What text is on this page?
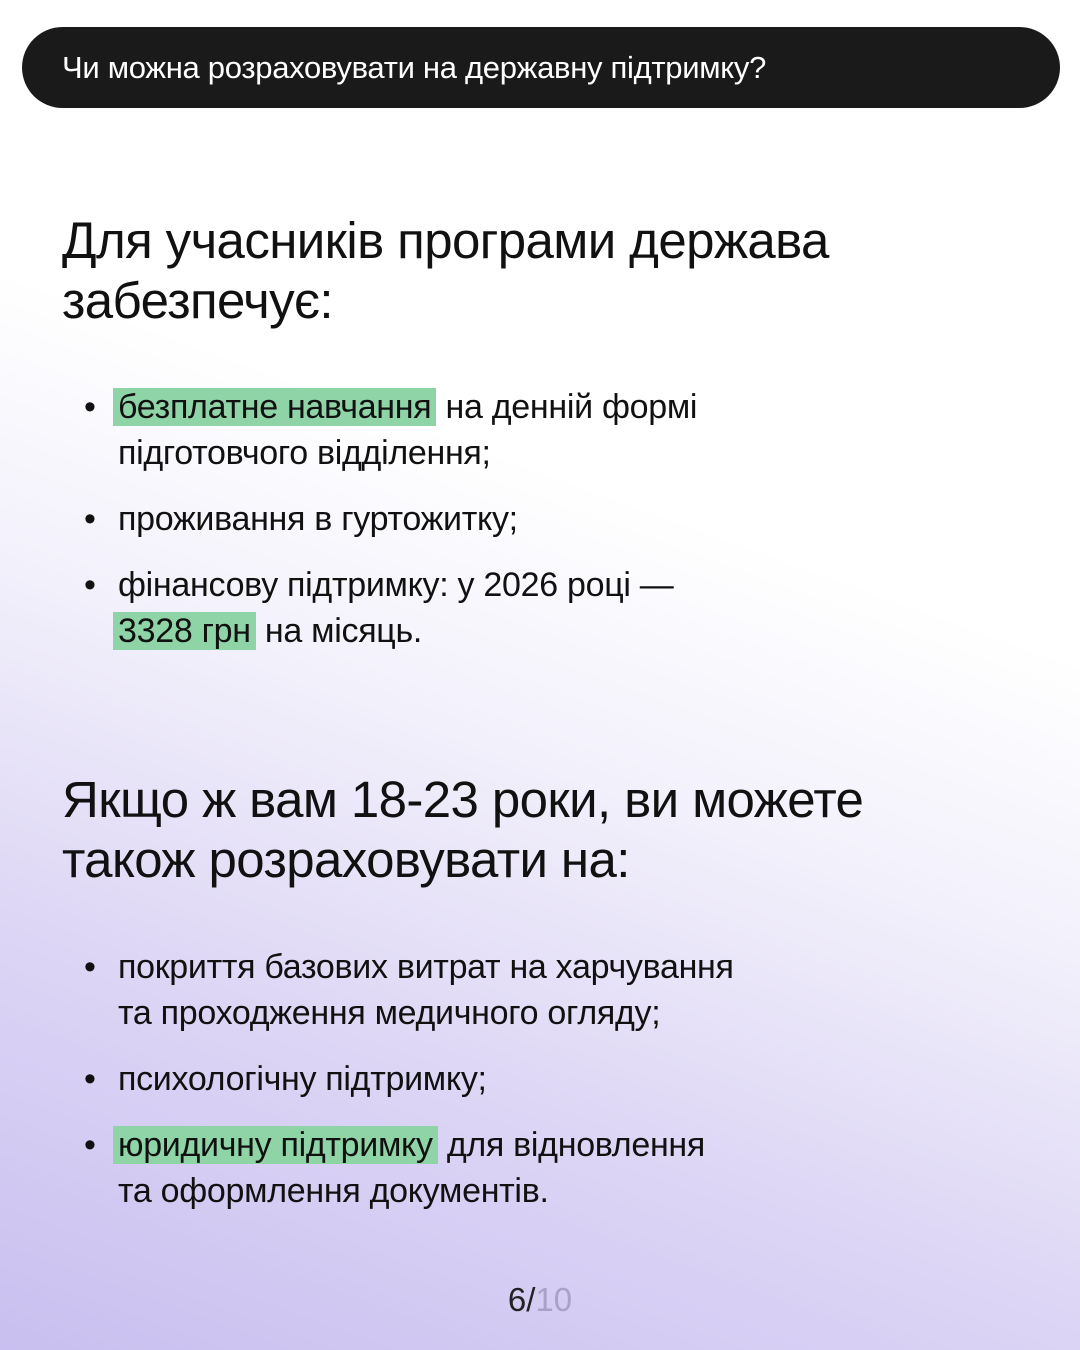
Чи можна розраховувати на державну підтримку?
Для учасників програми держава
забезпечує:
• безплатне навчання на денній формі
підготовчого відділення;
• проживання в гуртожитку;
• фінансову підтримку: у 2026 році —
3328 грн на місяць.
Якщо ж вам 18-23 роки, ви можете
також розраховувати на:
• покриття базових витрат на харчування
та проходження медичного огляду;
• психологічну підтримку;
• юридичну підтримку для відновлення
та оформлення документів.
6/10
